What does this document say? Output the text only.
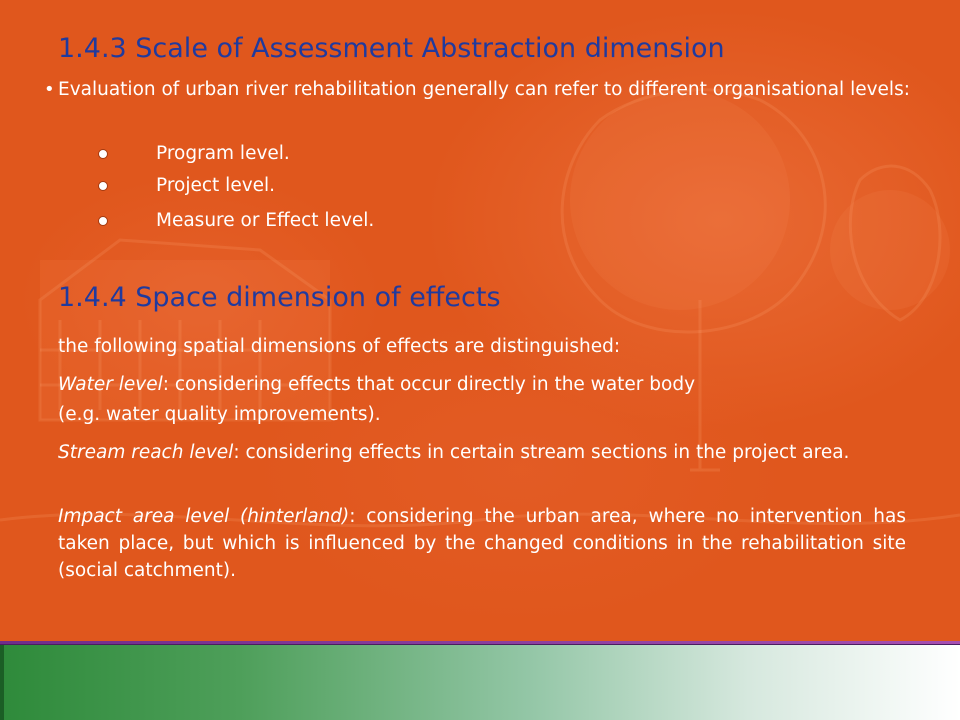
1.4.3 Scale of Assessment Abstraction dimension
• Evaluation of urban river rehabilitation generally can refer to different organisational levels:

Program level.
Project level.
Measure or Effect level.
1.4.4 Space dimension of effects

the following spatial dimensions of effects are distinguished:

Water level: considering effects that occur directly in the water body

(e.g. water quality improvements).

Stream reach level: considering effects in certain stream sections in the project area.

Impact area level (hinterland): considering the urban area, where no intervention has taken place, but which is influenced by the changed conditions in the rehabilitation site (social catchment).
